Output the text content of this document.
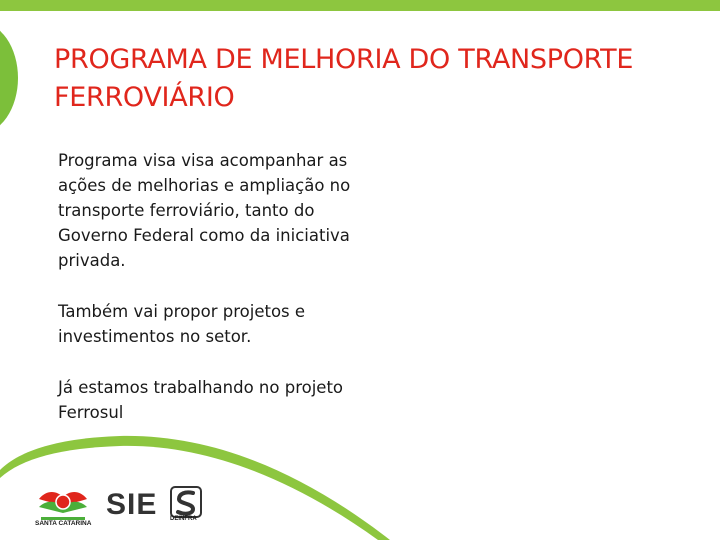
PROGRAMA DE MELHORIA DO TRANSPORTE FERROVIÁRIO

Programa visa visa acompanhar as ações de melhorias e ampliação no transporte ferroviário, tanto do Governo Federal como da iniciativa privada.

Também vai propor projetos e investimentos no setor.

Já estamos trabalhando no projeto Ferrosul

SANTA CATARINA
SIE DEINFRA
